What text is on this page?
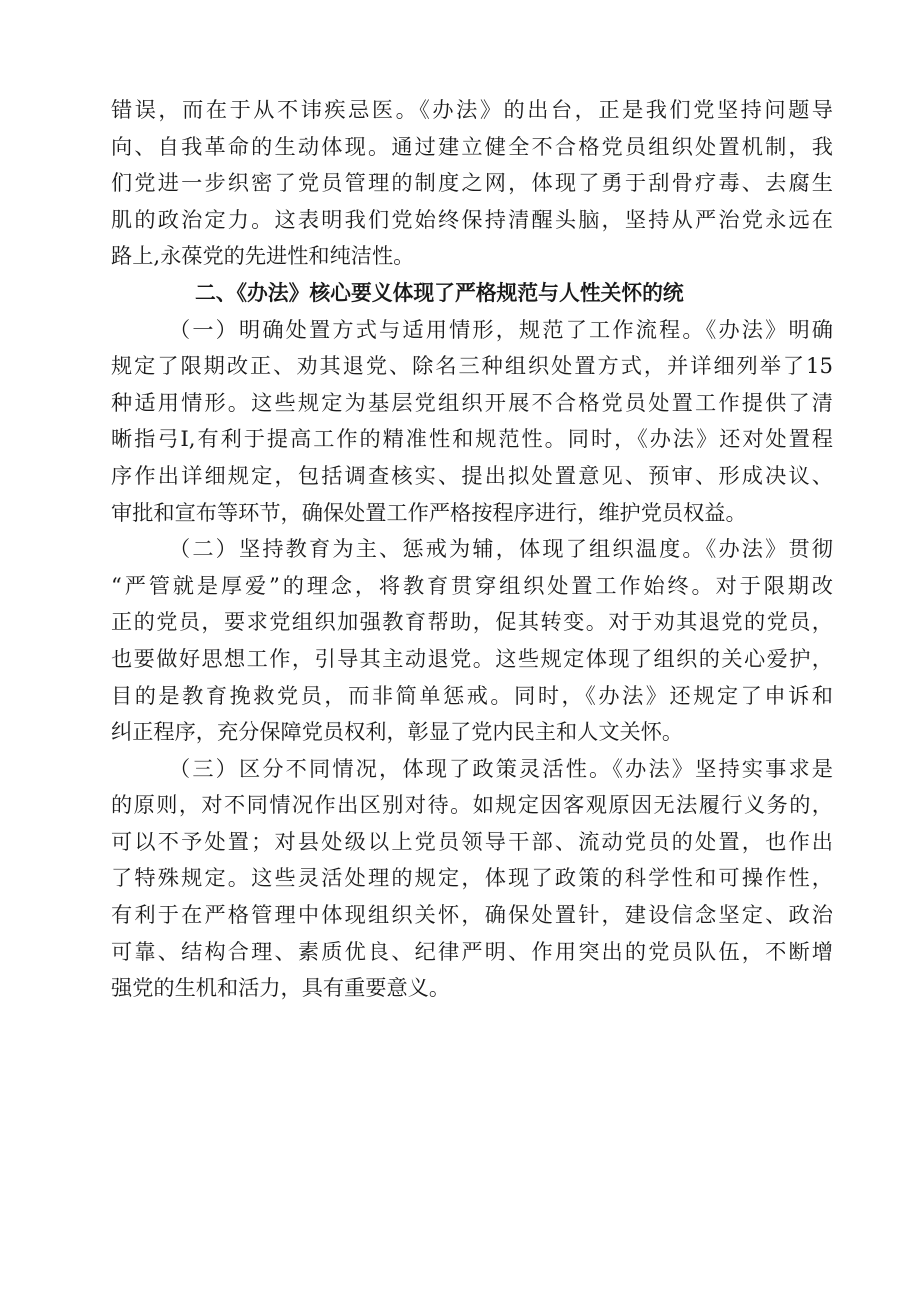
错误，而在于从不讳疾忌医。《办法》的出台，正是我们党坚持问题导
向、自我革命的生动体现。通过建立健全不合格党员组织处置机制，我
们党进一步织密了党员管理的制度之网，体现了勇于刮骨疗毒、去腐生
肌的政治定力。这表明我们党始终保持清醒头脑，坚持从严治党永远在
路上,永葆党的先进性和纯洁性。
二、《办法》核心要义体现了严格规范与人性关怀的统
（一）明确处置方式与适用情形，规范了工作流程。《办法》明确
规定了限期改正、劝其退党、除名三种组织处置方式，并详细列举了15
种适用情形。这些规定为基层党组织开展不合格党员处置工作提供了清
晰指弓I,有利于提高工作的精准性和规范性。同时，《办法》还对处置程
序作出详细规定，包括调查核实、提出拟处置意见、预审、形成决议、
审批和宣布等环节，确保处置工作严格按程序进行，维护党员权益。
（二）坚持教育为主、惩戒为辅，体现了组织温度。《办法》贯彻
“严管就是厚爱”的理念，将教育贯穿组织处置工作始终。对于限期改
正的党员，要求党组织加强教育帮助，促其转变。对于劝其退党的党员，
也要做好思想工作，引导其主动退党。这些规定体现了组织的关心爱护，
目的是教育挽救党员，而非简单惩戒。同时，《办法》还规定了申诉和
纠正程序，充分保障党员权利，彰显了党内民主和人文关怀。
（三）区分不同情况，体现了政策灵活性。《办法》坚持实事求是
的原则，对不同情况作出区别对待。如规定因客观原因无法履行义务的，
可以不予处置；对县处级以上党员领导干部、流动党员的处置，也作出
了特殊规定。这些灵活处理的规定，体现了政策的科学性和可操作性，
有利于在严格管理中体现组织关怀，确保处置针，建设信念坚定、政治
可靠、结构合理、素质优良、纪律严明、作用突出的党员队伍，不断增
强党的生机和活力，具有重要意义。
